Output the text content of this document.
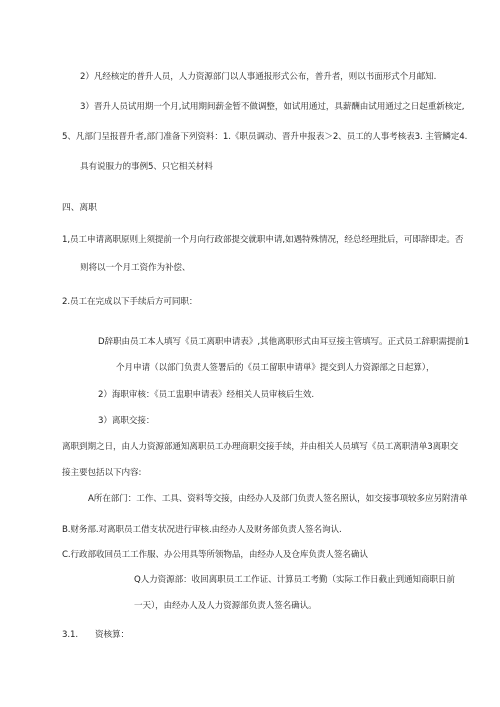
2）凡经核定的普升人员，人力资源部门以人事通报形式公布，普升者，则以书面形式个月邮知.
3）晋升人员试用期一个月,试用期间薪金暂不做调整，如试用通过，具薪酬由试用通过之日起重新核定,
5、凡部门呈报晋升者,部门准备下列资料：1.《职员调动、晋升申报表＞2、员工的人事考核表3. 主管鳞定4.
具有说服力的事例5、只它相关材料
四、离职
1,员工申请离职原则上须提前一个月向行政部提交就职申请,如遇特殊情况，经总经理批后，可即辞即走。否
则将以一个月工资作为补偿、
2.员工在完成以下手续后方可同职：
D辞职由员工本人填写《员工离职申请表》,其他离职形式由耳豆接主管填写。正式员工辞职需提前1
个月申请（以部门负责人签署后的《员工留职申请単》提交到人力资源部之日起算），
2）海职审核：《员工盅职申请表》经相关人员审核后生效.
3）离职交接：
离职到期之日，由人力资源部通知离职员工办理商职交接手续，并由相关人员填写《员工离职清单3离职交
接主要包括以下内容:
A所在部门：工作、工具、资料等交接，由经办人及部门负责人签名照认，如交接事项较多应另附清单
B.财务部.对离职员工借支状况进行审核.由经办人及财务部负责人签名询认.
C.行政部收回员工工作服、办公用具等所领物品，由经办人及仓库负责人签名确认
Q人力资源部：收回离职员工工作证、计算员工考勤（实际工作日截止到通知商职日前
一天），由经办人及人力资源部负责人签名确认。
3.1.　　资核算：
